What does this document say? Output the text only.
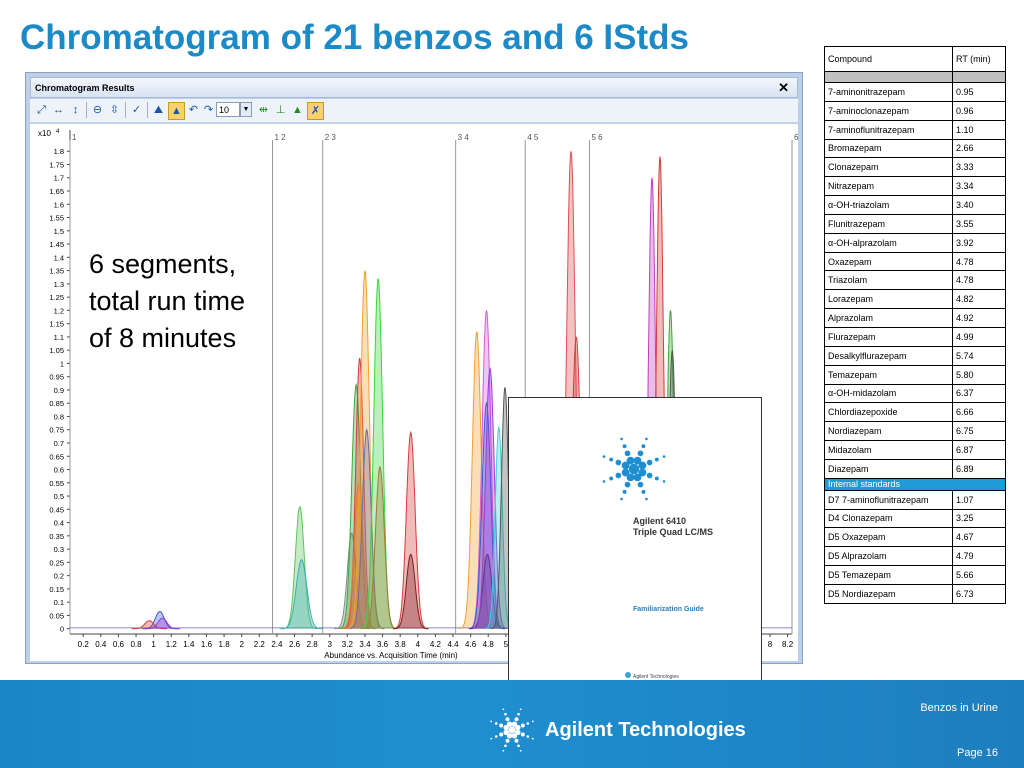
Chromatogram of 21 benzos and 6 IStds
Chromatogram Results	✕
⤢ ↔ ↕	⊖ ⇳ ✓ ⛰ ▲ ↶ ↷ 10	▼ ⇹ ⊥ ▲ ✗
x10 4
0
0.05
0.1
0.15
0.2
0.25
0.3
0.35
0.4
0.45
0.5
0.55
0.6
0.65
0.7
0.75
0.8
0.85
0.9
0.95
1
1.05
1.1
1.15
1.2
1.25
1.3
1.35
1.4
1.45
1.5
1.55
1.6
1.65
1.7
1.75
1.8
0.2 0.4 0.6 0.8 1 1.2 1.4 1.6 1.8 2 2.2 2.4 2.6 2.8 3 3.2 3.4 3.6 3.8 4 4.2 4.4 4.6 4.8 5	8 8.2
Abundance vs. Acquisition Time (min)
1	1 2	2 3	3 4	4 5	5 6	6
6 segments,
total run time
of 8 minutes
Agilent 6410
Triple Quad LC/MS
Familiarization Guide
Agilent Technologies
Compound	RT (min)

7-aminonitrazepam	0.95
7-aminoclonazepam	0.96
7-aminoflunitrazepam	1.10
Bromazepam	2.66
Clonazepam	3.33
Nitrazepam	3.34
α-OH-triazolam	3.40
Flunitrazepam	3.55
α-OH-alprazolam	3.92
Oxazepam	4.78
Triazolam	4.78
Lorazepam	4.82
Alprazolam	4.92
Flurazepam	4.99
Desalkylflurazepam	5.74
Temazepam	5.80
α-OH-midazolam	6.37
Chlordiazepoxide	6.66
Nordiazepam	6.75
Midazolam	6.87
Diazepam	6.89
Internal standards	
D7 7-aminoflunitrazepam	1.07
D4 Clonazepam	3.25
D5 Oxazepam	4.67
D5 Alprazolam	4.79
D5 Temazepam	5.66
D5 Nordiazepam	6.73
Agilent Technologies
Benzos in Urine
Page 16
